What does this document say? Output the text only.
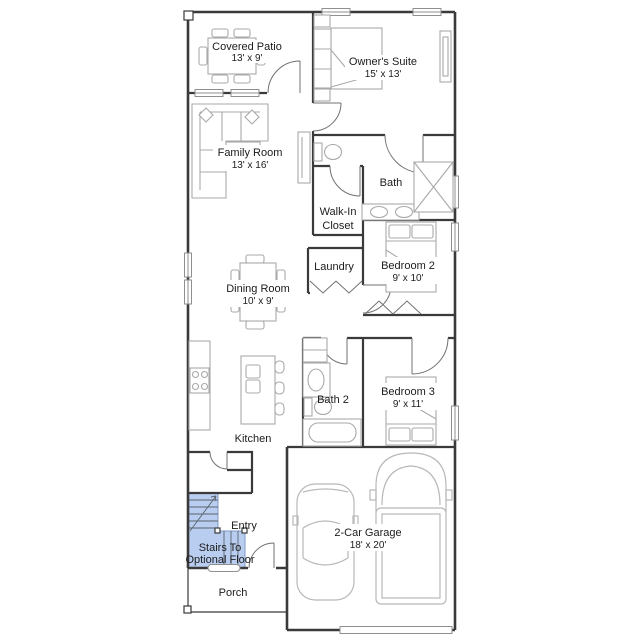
Covered Patio
13' x 9'	Owner's Suite
15' x 13'
Family Room
13' x 16'
Bath
Walk-In
Closet
Laundry Bedroom 2
9' x 10'
Dining Room
10' x 9'
Bath 2
Bedroom 3
9' x 11'
Kitchen
Entry
Stairs To
Optional Floor
Porch
2-Car Garage
18' x 20'
